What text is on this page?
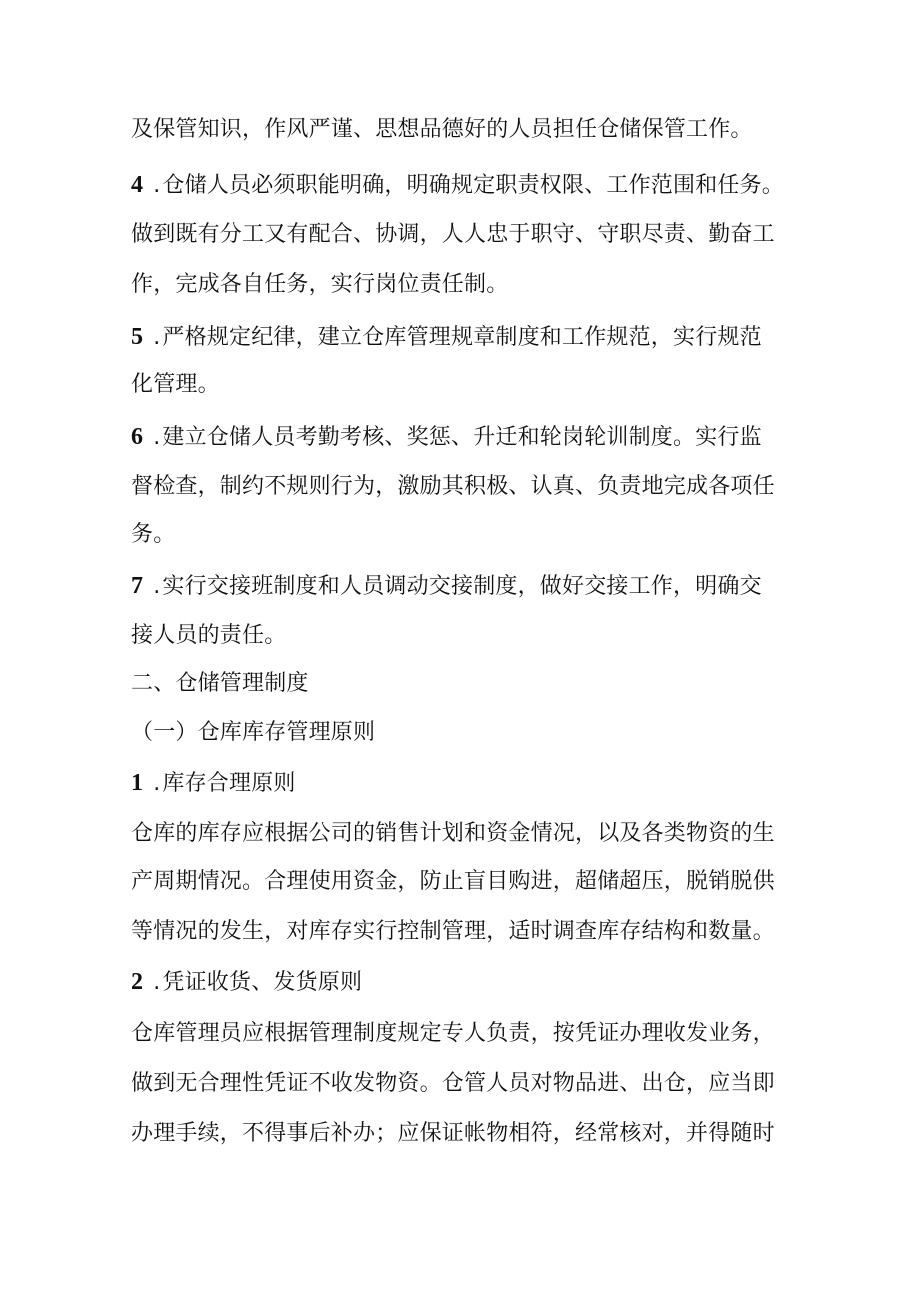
及保管知识，作风严谨、思想品德好的人员担任仓储保管工作。
4 .仓储人员必须职能明确，明确规定职责权限、工作范围和任务。
做到既有分工又有配合、协调，人人忠于职守、守职尽责、勤奋工
作，完成各自任务，实行岗位责任制。
5 .严格规定纪律，建立仓库管理规章制度和工作规范，实行规范
化管理。
6 .建立仓储人员考勤考核、奖惩、升迁和轮岗轮训制度。实行监
督检查，制约不规则行为，激励其积极、认真、负责地完成各项任
务。
7 .实行交接班制度和人员调动交接制度，做好交接工作，明确交
接人员的责任。
二、仓储管理制度
（一）仓库库存管理原则
1 .库存合理原则
仓库的库存应根据公司的销售计划和资金情况，以及各类物资的生
产周期情况。合理使用资金，防止盲目购进，超储超压，脱销脱供
等情况的发生，对库存实行控制管理，适时调查库存结构和数量。
2 .凭证收货、发货原则
仓库管理员应根据管理制度规定专人负责，按凭证办理收发业务，
做到无合理性凭证不收发物资。仓管人员对物品进、出仓，应当即
办理手续，不得事后补办；应保证帐物相符，经常核对，并得随时
